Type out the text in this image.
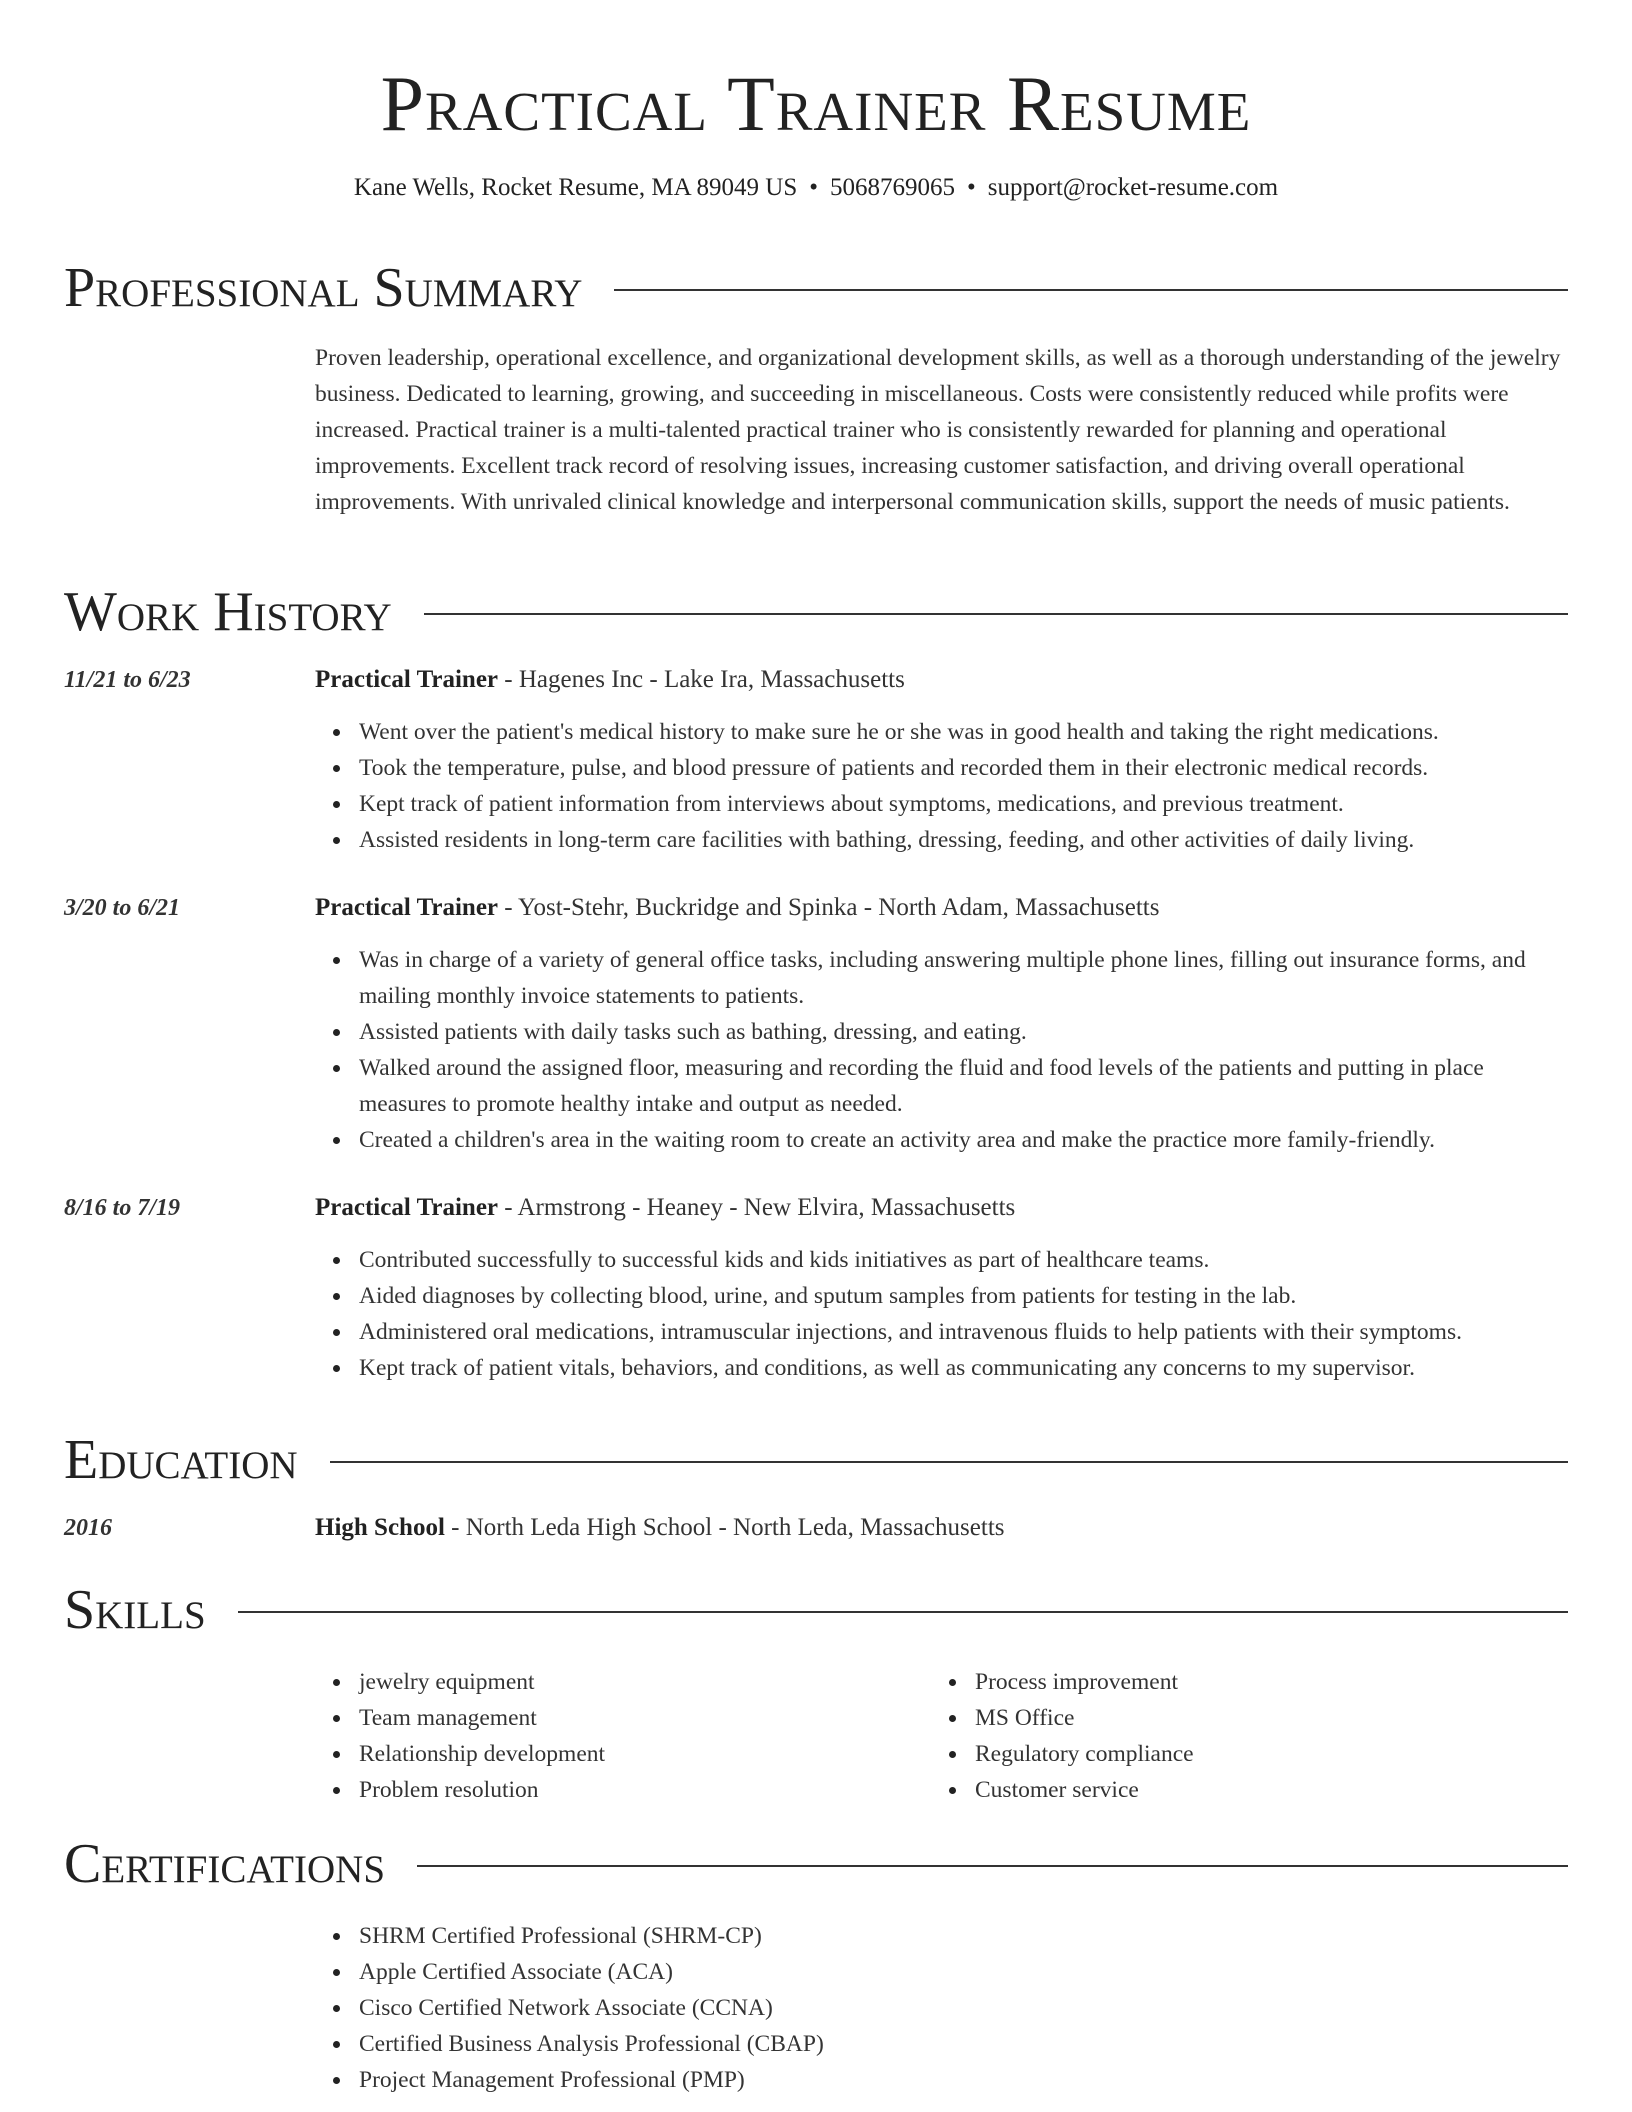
Practical Trainer Resume
Kane Wells, Rocket Resume, MA 89049 US • 5068769065 • support@rocket-resume.com
Professional Summary

Proven leadership, operational excellence, and organizational development skills, as well as a thorough understanding of the jewelry business. Dedicated to learning, growing, and succeeding in miscellaneous. Costs were consistently reduced while profits were increased. Practical trainer is a multi-talented practical trainer who is consistently rewarded for planning and operational improvements. Excellent track record of resolving issues, increasing customer satisfaction, and driving overall operational improvements. With unrivaled clinical knowledge and interpersonal communication skills, support the needs of music patients.

Work History
11/21 to 6/23	Practical Trainer - Hagenes Inc - Lake Ira, Massachusetts
Went over the patient's medical history to make sure he or she was in good health and taking the right medications.
Took the temperature, pulse, and blood pressure of patients and recorded them in their electronic medical records.
Kept track of patient information from interviews about symptoms, medications, and previous treatment.
Assisted residents in long-term care facilities with bathing, dressing, feeding, and other activities of daily living.
3/20 to 6/21	Practical Trainer - Yost-Stehr, Buckridge and Spinka - North Adam, Massachusetts
Was in charge of a variety of general office tasks, including answering multiple phone lines, filling out insurance forms, and mailing monthly invoice statements to patients.
Assisted patients with daily tasks such as bathing, dressing, and eating.
Walked around the assigned floor, measuring and recording the fluid and food levels of the patients and putting in place measures to promote healthy intake and output as needed.
Created a children's area in the waiting room to create an activity area and make the practice more family-friendly.
8/16 to 7/19	Practical Trainer - Armstrong - Heaney - New Elvira, Massachusetts
Contributed successfully to successful kids and kids initiatives as part of healthcare teams.
Aided diagnoses by collecting blood, urine, and sputum samples from patients for testing in the lab.
Administered oral medications, intramuscular injections, and intravenous fluids to help patients with their symptoms.
Kept track of patient vitals, behaviors, and conditions, as well as communicating any concerns to my supervisor.
Education
2016	High School - North Leda High School - North Leda, Massachusetts
Skills
jewelry equipment
Team management
Relationship development
Problem resolution
Process improvement
MS Office
Regulatory compliance
Customer service
Certifications
SHRM Certified Professional (SHRM-CP)
Apple Certified Associate (ACA)
Cisco Certified Network Associate (CCNA)
Certified Business Analysis Professional (CBAP)
Project Management Professional (PMP)
